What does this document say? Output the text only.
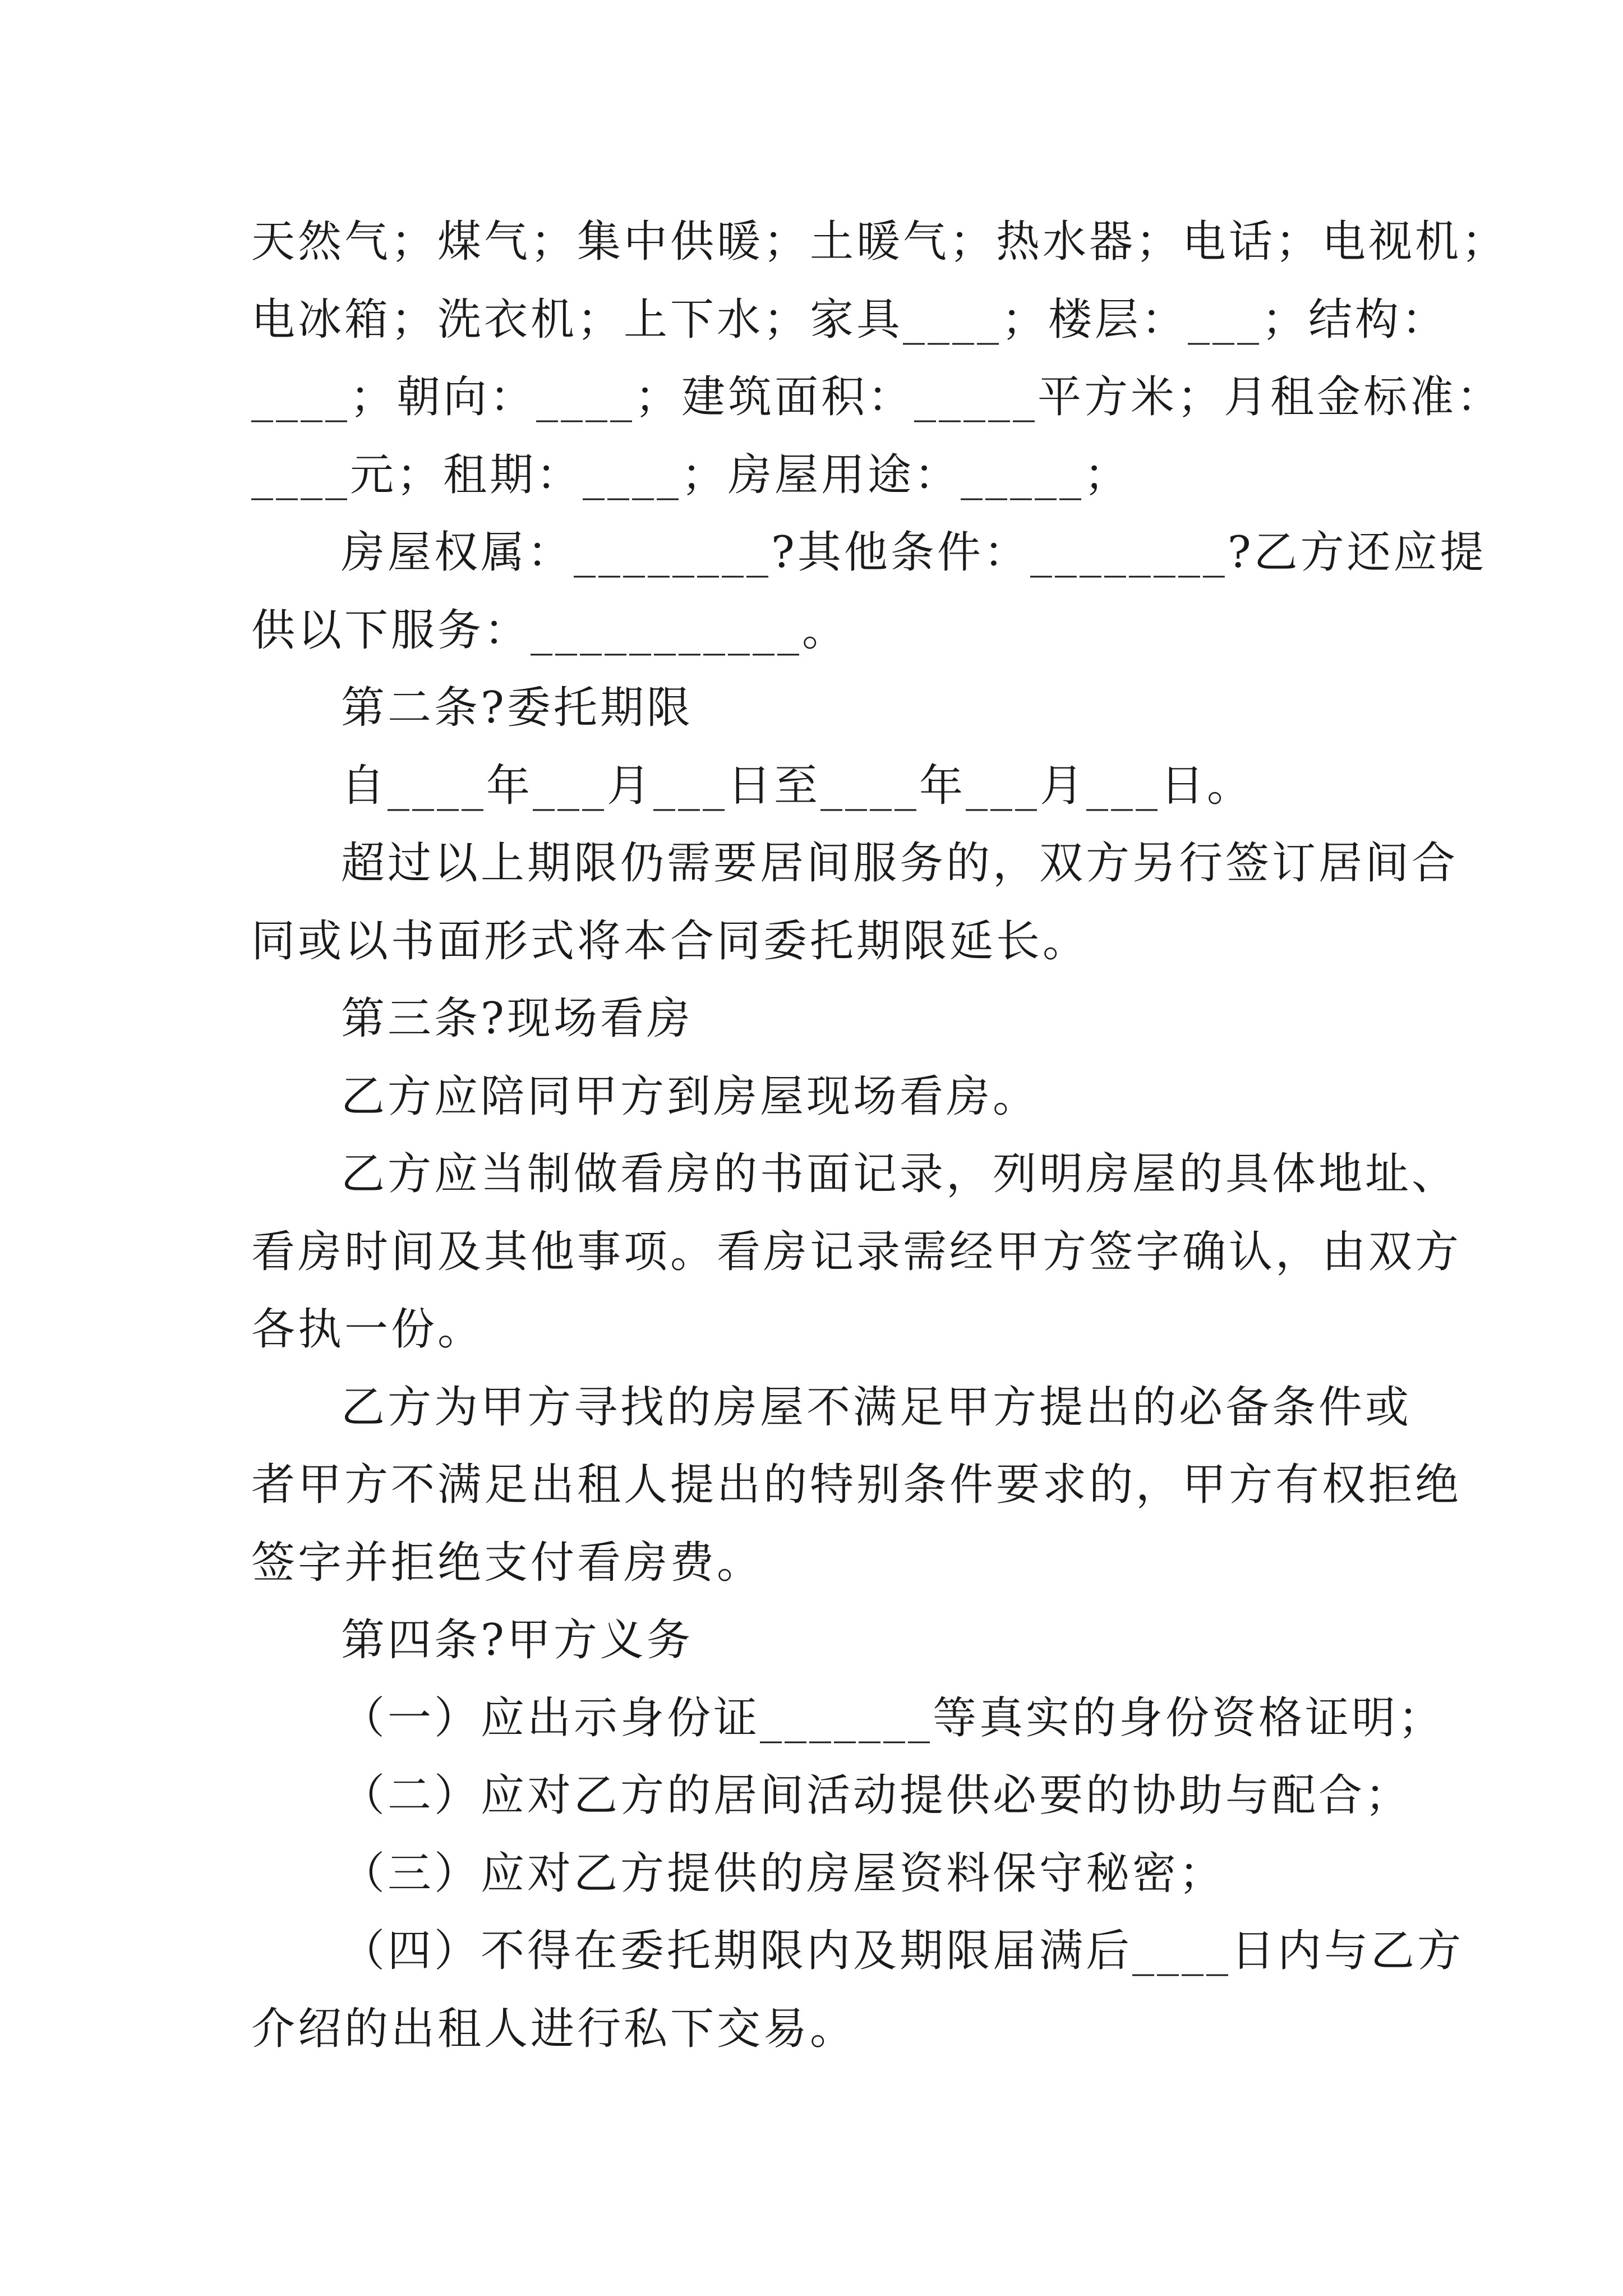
天然气；煤气；集中供暖；土暖气；热水器；电话；电视机；
电冰箱；洗衣机；上下水；家具____；楼层：___；结构：
____；朝向：____；建筑面积：_____平方米；月租金标准：
____元；租期：____；房屋用途：_____；
房屋权属：________?其他条件：________?乙方还应提
供以下服务：___________。
第二条?委托期限
自____年___月___日至____年___月___日。
超过以上期限仍需要居间服务的，双方另行签订居间合
同或以书面形式将本合同委托期限延长。
第三条?现场看房
乙方应陪同甲方到房屋现场看房。
乙方应当制做看房的书面记录，列明房屋的具体地址、
看房时间及其他事项。看房记录需经甲方签字确认，由双方
各执一份。
乙方为甲方寻找的房屋不满足甲方提出的必备条件或
者甲方不满足出租人提出的特别条件要求的，甲方有权拒绝
签字并拒绝支付看房费。
第四条?甲方义务
（一）应出示身份证_______等真实的身份资格证明；
（二）应对乙方的居间活动提供必要的协助与配合；
（三）应对乙方提供的房屋资料保守秘密；
（四）不得在委托期限内及期限届满后____日内与乙方
介绍的出租人进行私下交易。
